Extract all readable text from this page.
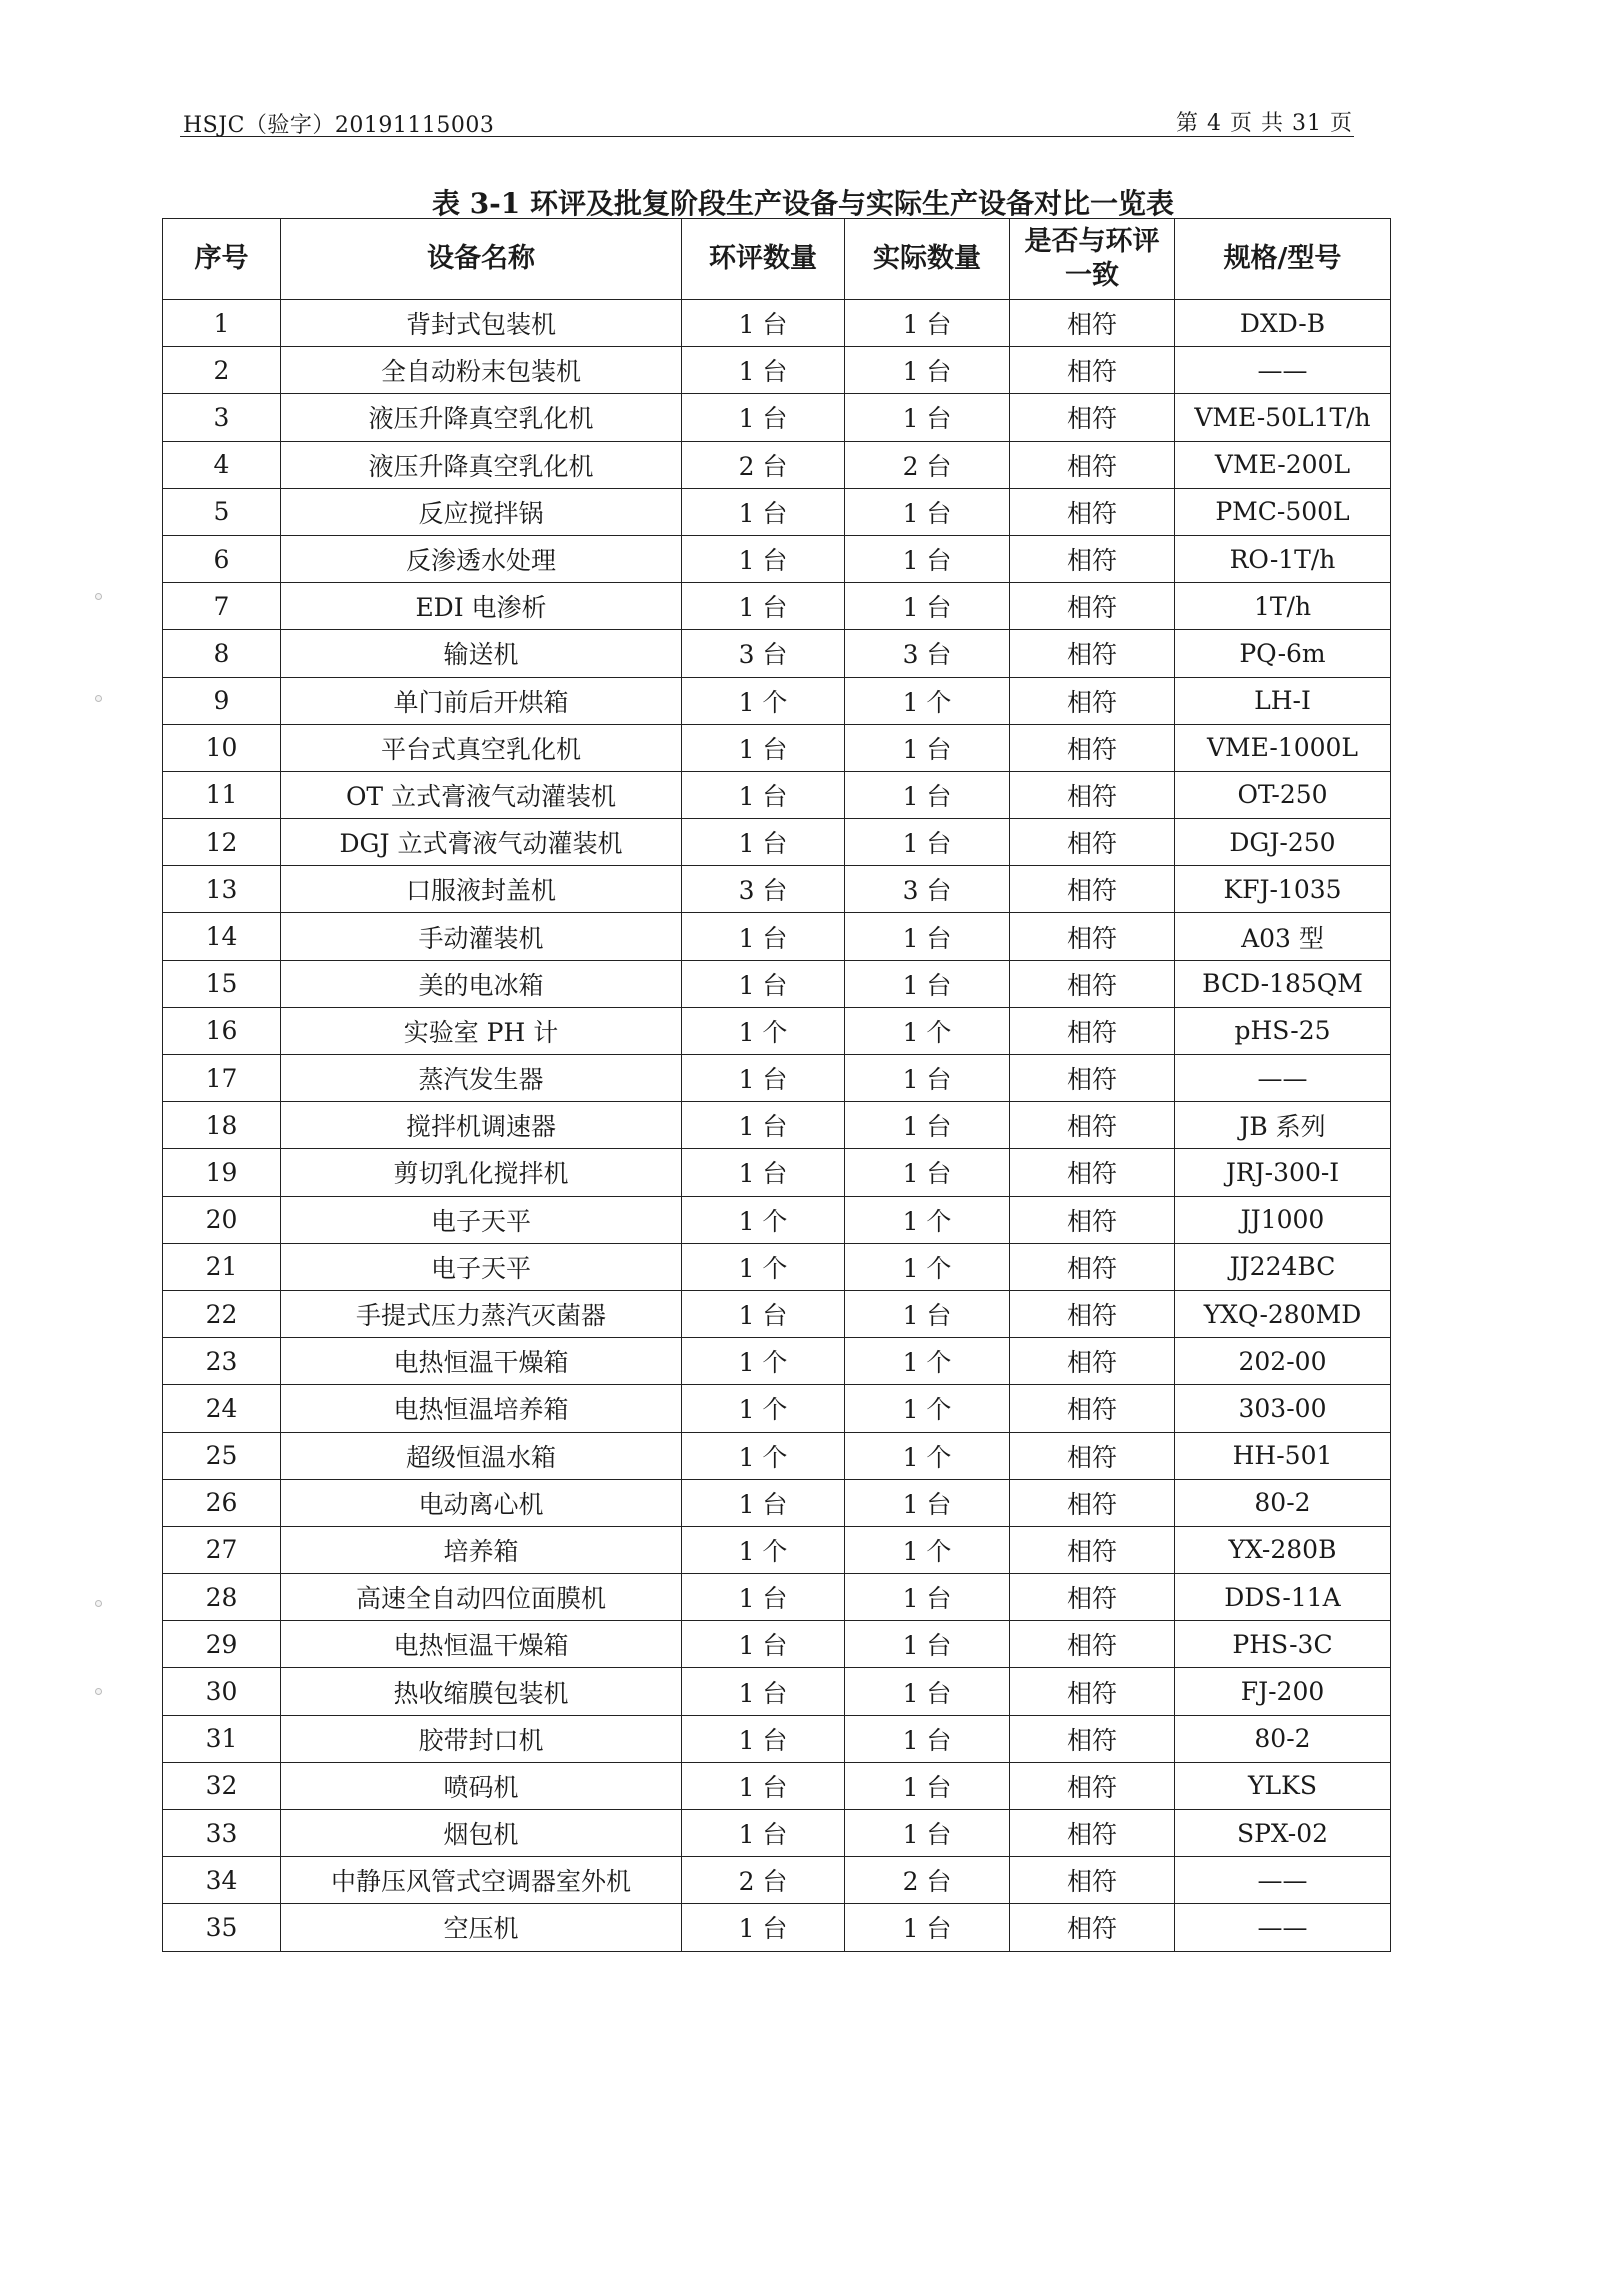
HSJC（验字）20191115003	第 4 页 共 31 页
表 3-1 环评及批复阶段生产设备与实际生产设备对比一览表
序号	设备名称	环评数量	实际数量	是否与环评一致	规格/型号
1	背封式包装机	1 台	1 台	相符	DXD-B
2	全自动粉末包装机	1 台	1 台	相符	——
3	液压升降真空乳化机	1 台	1 台	相符	VME-50L1T/h
4	液压升降真空乳化机	2 台	2 台	相符	VME-200L
5	反应搅拌锅	1 台	1 台	相符	PMC-500L
6	反渗透水处理	1 台	1 台	相符	RO-1T/h
7	EDI 电渗析	1 台	1 台	相符	1T/h
8	输送机	3 台	3 台	相符	PQ-6m
9	单门前后开烘箱	1 个	1 个	相符	LH-I
10	平台式真空乳化机	1 台	1 台	相符	VME-1000L
11	OT 立式膏液气动灌装机	1 台	1 台	相符	OT-250
12	DGJ 立式膏液气动灌装机	1 台	1 台	相符	DGJ-250
13	口服液封盖机	3 台	3 台	相符	KFJ-1035
14	手动灌装机	1 台	1 台	相符	A03 型
15	美的电冰箱	1 台	1 台	相符	BCD-185QM
16	实验室 PH 计	1 个	1 个	相符	pHS-25
17	蒸汽发生器	1 台	1 台	相符	——
18	搅拌机调速器	1 台	1 台	相符	JB 系列
19	剪切乳化搅拌机	1 台	1 台	相符	JRJ-300-I
20	电子天平	1 个	1 个	相符	JJ1000
21	电子天平	1 个	1 个	相符	JJ224BC
22	手提式压力蒸汽灭菌器	1 台	1 台	相符	YXQ-280MD
23	电热恒温干燥箱	1 个	1 个	相符	202-00
24	电热恒温培养箱	1 个	1 个	相符	303-00
25	超级恒温水箱	1 个	1 个	相符	HH-501
26	电动离心机	1 台	1 台	相符	80-2
27	培养箱	1 个	1 个	相符	YX-280B
28	高速全自动四位面膜机	1 台	1 台	相符	DDS-11A
29	电热恒温干燥箱	1 台	1 台	相符	PHS-3C
30	热收缩膜包装机	1 台	1 台	相符	FJ-200
31	胶带封口机	1 台	1 台	相符	80-2
32	喷码机	1 台	1 台	相符	YLKS
33	烟包机	1 台	1 台	相符	SPX-02
34	中静压风管式空调器室外机	2 台	2 台	相符	——
35	空压机	1 台	1 台	相符	——
